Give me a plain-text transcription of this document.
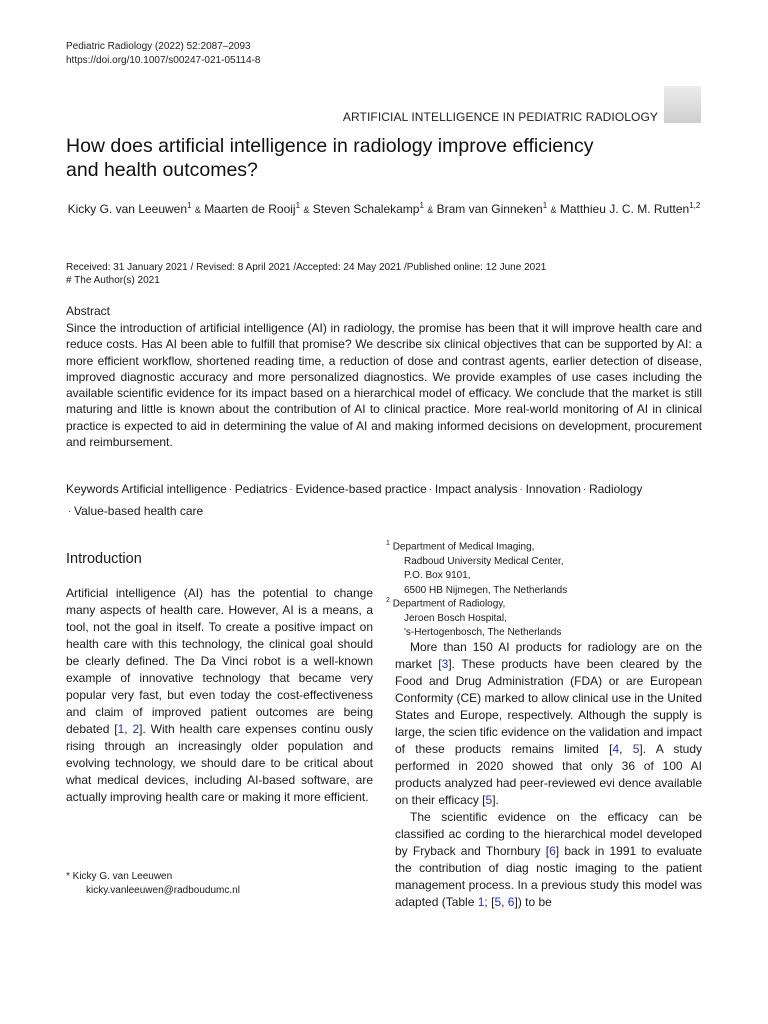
Pediatric Radiology (2022) 52:2087–2093
https://doi.org/10.1007/s00247-021-05114-8
ARTIFICIAL INTELLIGENCE IN PEDIATRIC RADIOLOGY
How does artificial intelligence in radiology improve efficiency and health outcomes?
Kicky G. van Leeuwen$^1$ & Maarten de Rooij$^1$ & Steven Schalekamp$^1$ & Bram van Ginneken$^1$ & Matthieu J. C. M. Rutten$^{1,2}$
Received: 31 January 2021 / Revised: 8 April 2021 /Accepted: 24 May 2021 /Published online: 12 June 2021
# The Author(s) 2021
Abstract
Since the introduction of artificial intelligence (AI) in radiology, the promise has been that it will improve health care and reduce costs. Has AI been able to fulfill that promise? We describe six clinical objectives that can be supported by AI: a more efficient workflow, shortened reading time, a reduction of dose and contrast agents, earlier detection of disease, improved diagnostic accuracy and more personalized diagnostics. We provide examples of use cases including the available scientific evidence for its impact based on a hierarchical model of efficacy. We conclude that the market is still maturing and little is known about the contribution of AI to clinical practice. More real-world monitoring of AI in clinical practice is expected to aid in determining the value of AI and making informed decisions on development, procurement and reimbursement.
Keywords Artificial intelligence · Pediatrics · Evidence-based practice · Impact analysis · Innovation · Radiology
· Value-based health care
Introduction

Artificial intelligence (AI) has the potential to change many aspects of health care. However, AI is a means, a tool, not the goal in itself. To create a positive impact on health care with this technology, the clinical goal should be clearly defined. The Da Vinci robot is a well-known example of innovative technology that became very popular very fast, but even today the cost-effectiveness and claim of improved patient outcomes are being debated [1, 2]. With health care expenses continu ously rising through an increasingly older population and evolving technology, we should dare to be critical about what medical devices, including AI-based software, are actually improving health care or making it more efficient.

* Kicky G. van Leeuwen
kicky.vanleeuwen@radboudumc.nl
$^1$ Department of Medical Imaging,
Radboud University Medical Center,
P.O. Box 9101,
6500 HB Nijmegen, The Netherlands
$^2$ Department of Radiology,
Jeroen Bosch Hospital,
's-Hertogenbosch, The Netherlands

More than 150 AI products for radiology are on the market [3]. These products have been cleared by the Food and Drug Administration (FDA) or are European Conformity (CE) marked to allow clinical use in the United States and Europe, respectively. Although the supply is large, the scien tific evidence on the validation and impact of these products remains limited [4, 5]. A study performed in 2020 showed that only 36 of 100 AI products analyzed had peer-reviewed evi dence available on their efficacy [5].

The scientific evidence on the efficacy can be classified ac cording to the hierarchical model developed by Fryback and Thornbury [6] back in 1991 to evaluate the contribution of diag nostic imaging to the patient management process. In a previous study this model was adapted (Table 1; [5, 6]) to be
